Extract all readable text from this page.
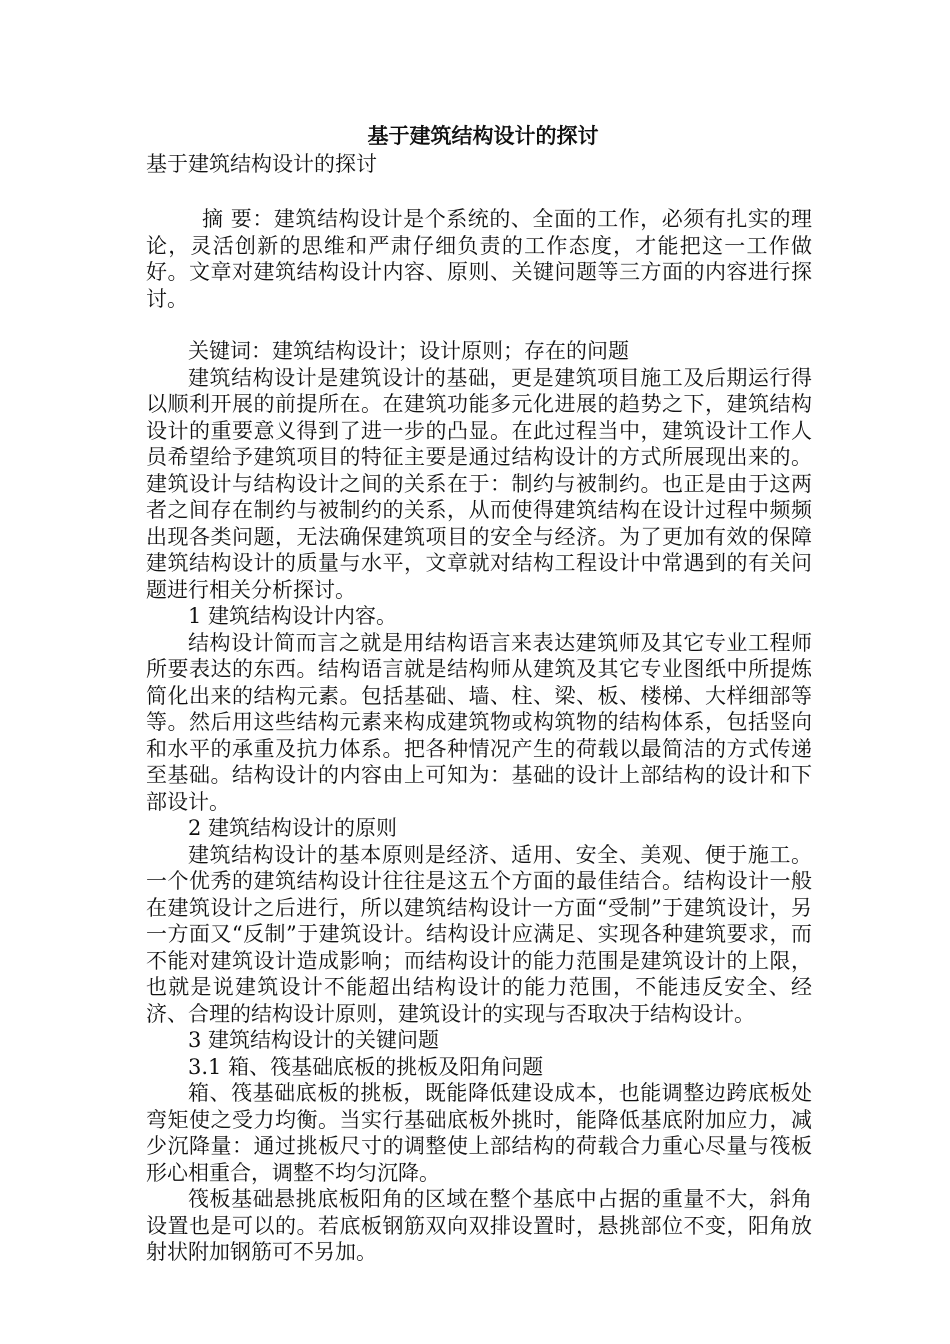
基于建筑结构设计的探讨
基于建筑结构设计的探讨

摘 要：建筑结构设计是个系统的、全面的工作，必须有扎实的理论，灵活创新的思维和严肃仔细负责的工作态度，才能把这一工作做好。文章对建筑结构设计内容、原则、关键问题等三方面的内容进行探讨。

关键词：建筑结构设计；设计原则；存在的问题

建筑结构设计是建筑设计的基础，更是建筑项目施工及后期运行得以顺利开展的前提所在。在建筑功能多元化进展的趋势之下，建筑结构设计的重要意义得到了进一步的凸显。在此过程当中，建筑设计工作人员希望给予建筑项目的特征主要是通过结构设计的方式所展现出来的。建筑设计与结构设计之间的关系在于：制约与被制约。也正是由于这两者之间存在制约与被制约的关系，从而使得建筑结构在设计过程中频频出现各类问题，无法确保建筑项目的安全与经济。为了更加有效的保障建筑结构设计的质量与水平，文章就对结构工程设计中常遇到的有关问题进行相关分析探讨。

1 建筑结构设计内容。

结构设计简而言之就是用结构语言来表达建筑师及其它专业工程师所要表达的东西。结构语言就是结构师从建筑及其它专业图纸中所提炼简化出来的结构元素。包括基础、墙、柱、梁、板、楼梯、大样细部等等。然后用这些结构元素来构成建筑物或构筑物的结构体系，包括竖向和水平的承重及抗力体系。把各种情况产生的荷载以最简洁的方式传递至基础。结构设计的内容由上可知为：基础的设计上部结构的设计和下部设计。

2 建筑结构设计的原则

建筑结构设计的基本原则是经济、适用、安全、美观、便于施工。一个优秀的建筑结构设计往往是这五个方面的最佳结合。结构设计一般在建筑设计之后进行，所以建筑结构设计一方面“受制”于建筑设计，另一方面又“反制”于建筑设计。结构设计应满足、实现各种建筑要求，而不能对建筑设计造成影响；而结构设计的能力范围是建筑设计的上限，也就是说建筑设计不能超出结构设计的能力范围，不能违反安全、经济、合理的结构设计原则，建筑设计的实现与否取决于结构设计。

3 建筑结构设计的关键问题

3.1 箱、筏基础底板的挑板及阳角问题

箱、筏基础底板的挑板，既能降低建设成本，也能调整边跨底板处弯矩使之受力均衡。当实行基础底板外挑时，能降低基底附加应力，减少沉降量：通过挑板尺寸的调整使上部结构的荷载合力重心尽量与筏板形心相重合，调整不均匀沉降。

筏板基础悬挑底板阳角的区域在整个基底中占据的重量不大，斜角设置也是可以的。若底板钢筋双向双排设置时，悬挑部位不变，阳角放射状附加钢筋可不另加。
